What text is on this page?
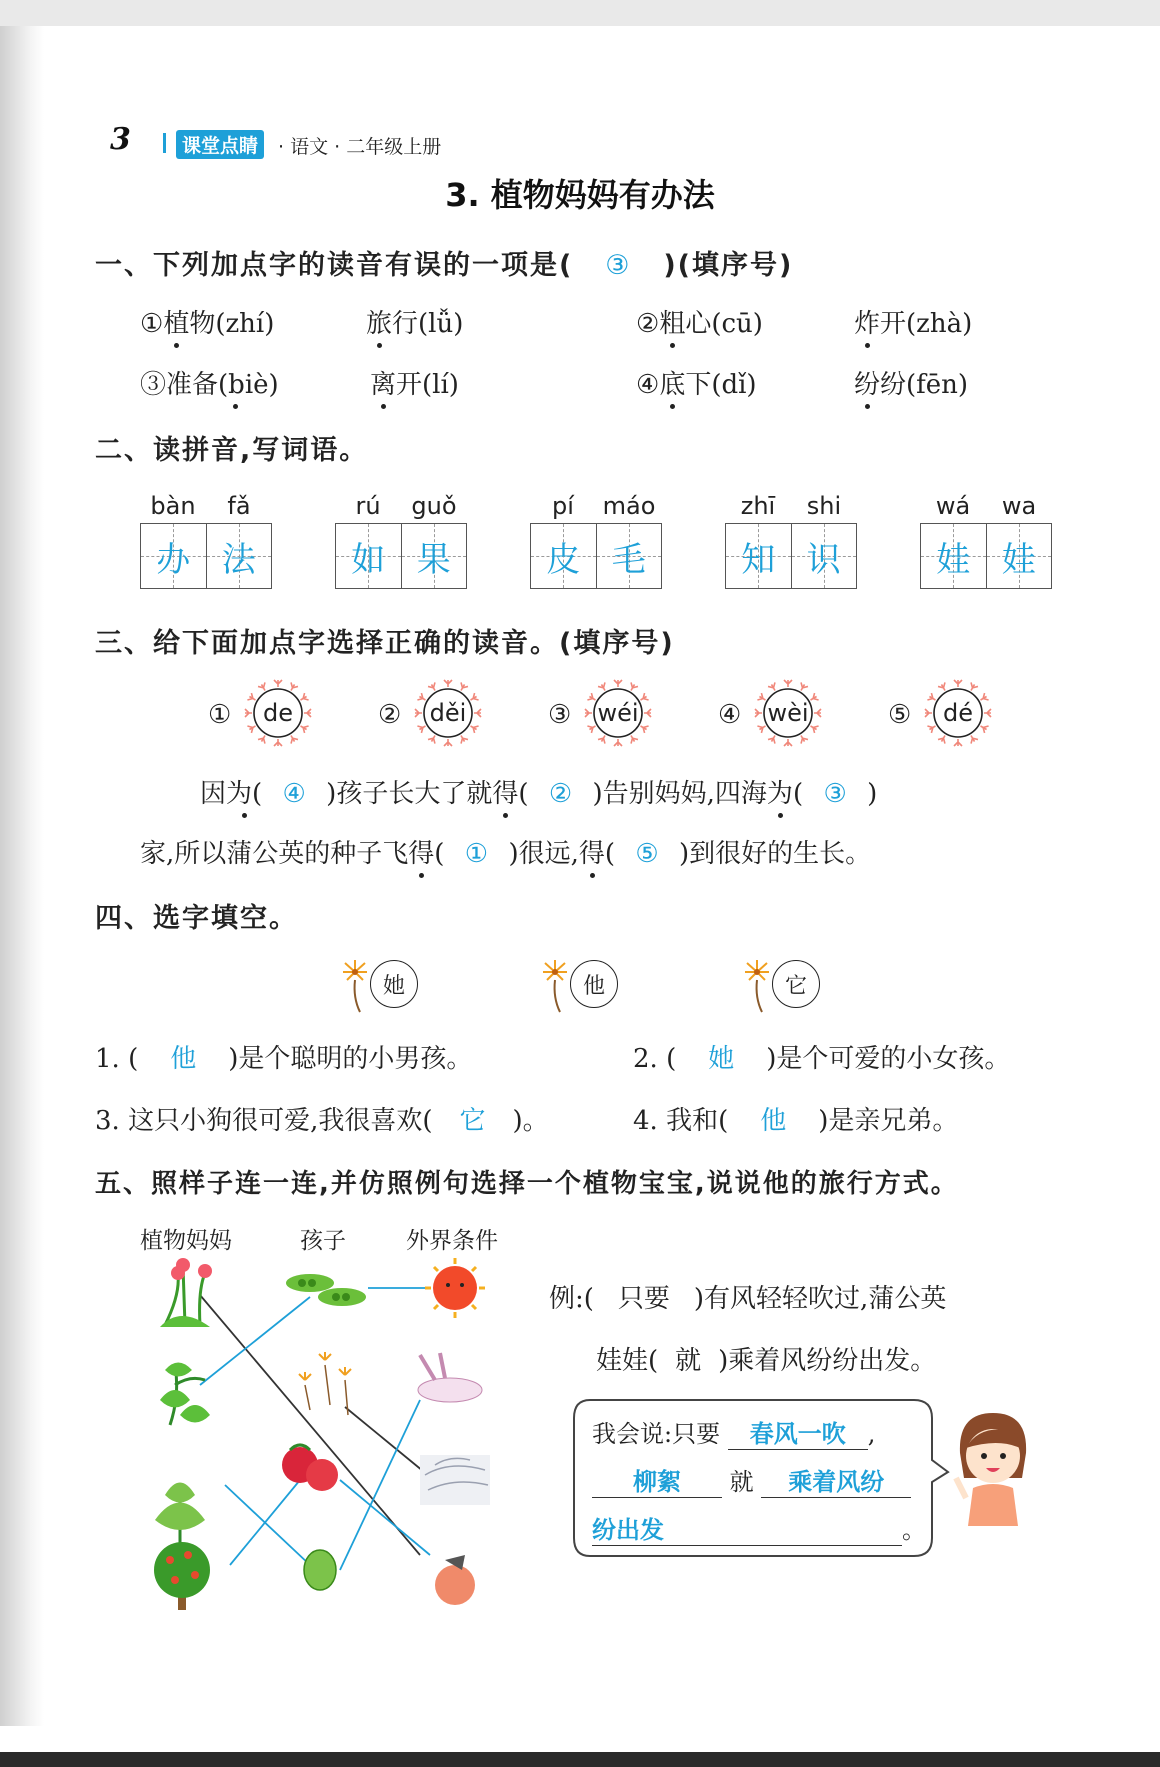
3	课堂点睛	· 语文 · 二年级上册
3. 植物妈妈有办法
一、下列加点字的读音有误的一项是( ③ )(填序号)
①植物(zhí)	旅行(lǚ)	②粗心(cū)	炸开(zhà)
③准备(biè)	离开(lí)	④底下(dǐ)	纷纷(fēn)
二、读拼音,写词语。
bàn	fǎ
办 法
rú	guǒ
如 果
pí	máo
皮 毛
zhī	shi
知 识
wá	wa
娃 娃
三、给下面加点字选择正确的读音。(填序号)
①	de	②	děi	③	wéi	④	wèi	⑤	dé
因为( ④ )孩子长大了就得( ② )告别妈妈,四海为( ③ )
家,所以蒲公英的种子飞得( ① )很远,得( ⑤ )到很好的生长。
四、选字填空。
她	他	它
1. ( 他 )是个聪明的小男孩。	2. ( 她 )是个可爱的小女孩。
3. 这只小狗很可爱,我很喜欢( 它 )。	4. 我和( 他 )是亲兄弟。
五、照样子连一连,并仿照例句选择一个植物宝宝,说说他的旅行方式。
植物妈妈	孩子	外界条件
例:( 只要 )有风轻轻吹过,蒲公英
娃娃( 就 )乘着风纷纷出发。
我会说:只要 春风一吹 ,
柳絮 就 乘着风纷
纷出发	。
